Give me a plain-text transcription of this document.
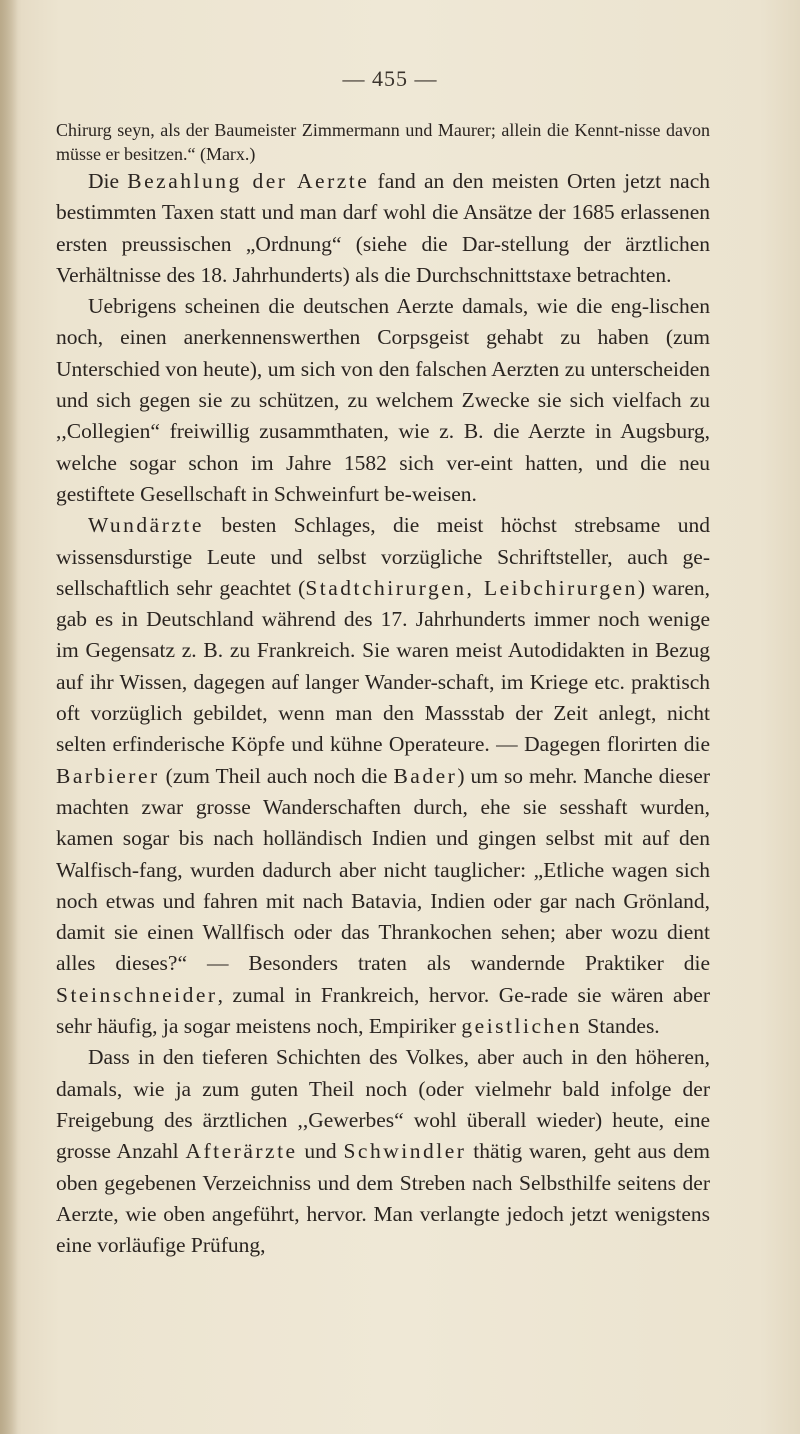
— 455 —

Chirurg seyn, als der Baumeister Zimmermann und Maurer; allein die Kennt-nisse davon müsse er besitzen.“ (Marx.)

Die Bezahlung der Aerzte fand an den meisten Orten jetzt nach bestimmten Taxen statt und man darf wohl die Ansätze der 1685 erlassenen ersten preussischen „Ordnung“ (siehe die Dar-stellung der ärztlichen Verhältnisse des 18. Jahrhunderts) als die Durchschnittstaxe betrachten.

Uebrigens scheinen die deutschen Aerzte damals, wie die eng-lischen noch, einen anerkennenswerthen Corpsgeist gehabt zu haben (zum Unterschied von heute), um sich von den falschen Aerzten zu unterscheiden und sich gegen sie zu schützen, zu welchem Zwecke sie sich vielfach zu ,,Collegien“ freiwillig zusammthaten, wie z. B. die Aerzte in Augsburg, welche sogar schon im Jahre 1582 sich ver-eint hatten, und die neu gestiftete Gesellschaft in Schweinfurt be-weisen.

Wundärzte besten Schlages, die meist höchst strebsame und wissensdurstige Leute und selbst vorzügliche Schriftsteller, auch ge-sellschaftlich sehr geachtet (Stadtchirurgen, Leibchirurgen) waren, gab es in Deutschland während des 17. Jahrhunderts immer noch wenige im Gegensatz z. B. zu Frankreich. Sie waren meist Autodidakten in Bezug auf ihr Wissen, dagegen auf langer Wander-schaft, im Kriege etc. praktisch oft vorzüglich gebildet, wenn man den Massstab der Zeit anlegt, nicht selten erfinderische Köpfe und kühne Operateure. — Dagegen florirten die Barbierer (zum Theil auch noch die Bader) um so mehr. Manche dieser machten zwar grosse Wanderschaften durch, ehe sie sesshaft wurden, kamen sogar bis nach holländisch Indien und gingen selbst mit auf den Walfisch-fang, wurden dadurch aber nicht tauglicher: „Etliche wagen sich noch etwas und fahren mit nach Batavia, Indien oder gar nach Grönland, damit sie einen Wallfisch oder das Thrankochen sehen; aber wozu dient alles dieses?“ — Besonders traten als wandernde Praktiker die Steinschneider, zumal in Frankreich, hervor. Ge-rade sie wären aber sehr häufig, ja sogar meistens noch, Empiriker geistlichen Standes.

Dass in den tieferen Schichten des Volkes, aber auch in den höheren, damals, wie ja zum guten Theil noch (oder vielmehr bald infolge der Freigebung des ärztlichen ,,Gewerbes“ wohl überall wieder) heute, eine grosse Anzahl Afterärzte und Schwindler thätig waren, geht aus dem oben gegebenen Verzeichniss und dem Streben nach Selbsthilfe seitens der Aerzte, wie oben angeführt, hervor. Man verlangte jedoch jetzt wenigstens eine vorläufige Prüfung,
